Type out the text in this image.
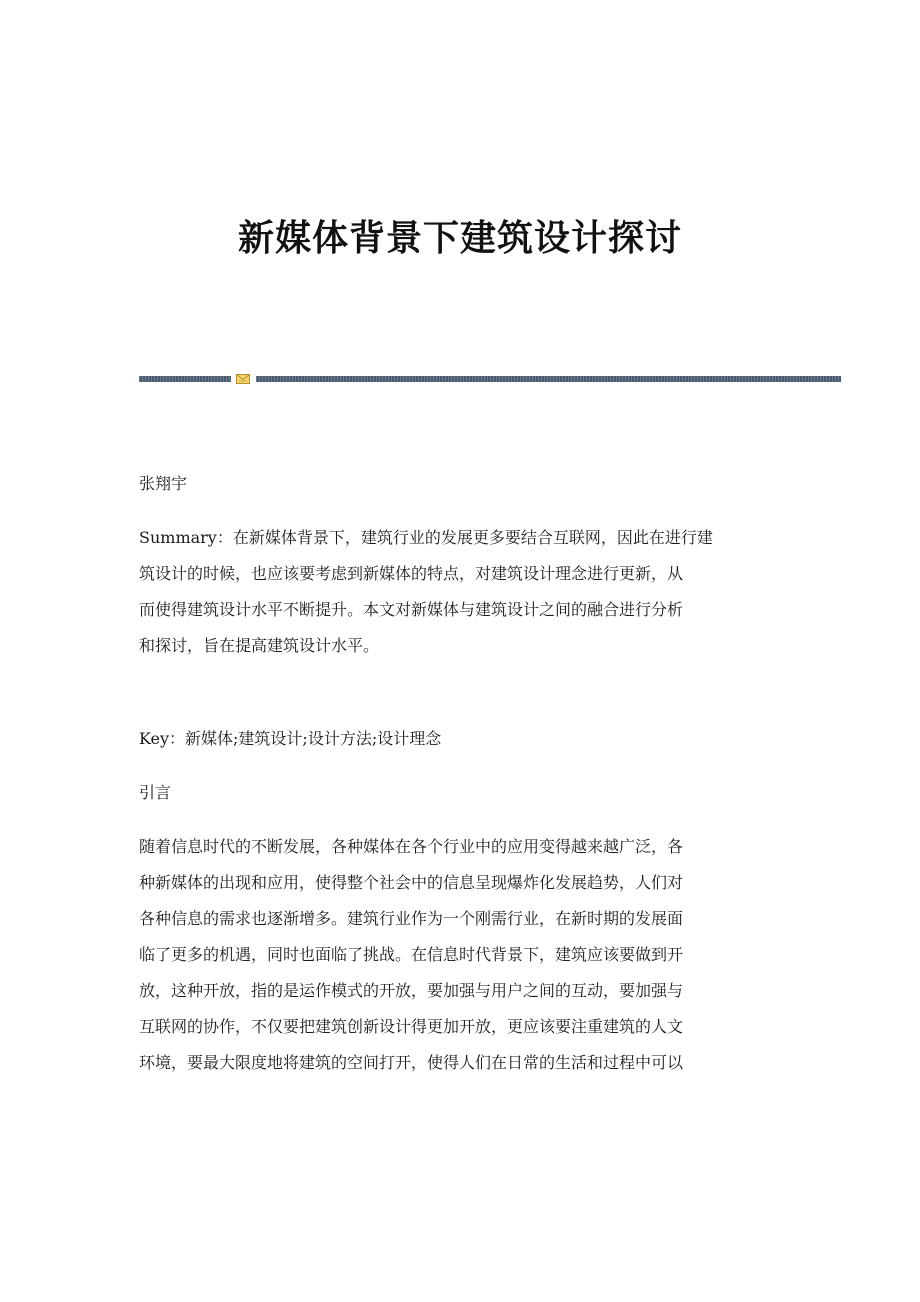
新媒体背景下建筑设计探讨
张翔宇
Summary：在新媒体背景下，建筑行业的发展更多要结合互联网，因此在进行建
筑设计的时候，也应该要考虑到新媒体的特点，对建筑设计理念进行更新，从
而使得建筑设计水平不断提升。本文对新媒体与建筑设计之间的融合进行分析
和探讨，旨在提高建筑设计水平。
Key：新媒体;建筑设计;设计方法;设计理念
引言
随着信息时代的不断发展，各种媒体在各个行业中的应用变得越来越广泛，各
种新媒体的出现和应用，使得整个社会中的信息呈现爆炸化发展趋势，人们对
各种信息的需求也逐渐增多。建筑行业作为一个刚需行业，在新时期的发展面
临了更多的机遇，同时也面临了挑战。在信息时代背景下，建筑应该要做到开
放，这种开放，指的是运作模式的开放，要加强与用户之间的互动，要加强与
互联网的协作，不仅要把建筑创新设计得更加开放，更应该要注重建筑的人文
环境，要最大限度地将建筑的空间打开，使得人们在日常的生活和过程中可以
